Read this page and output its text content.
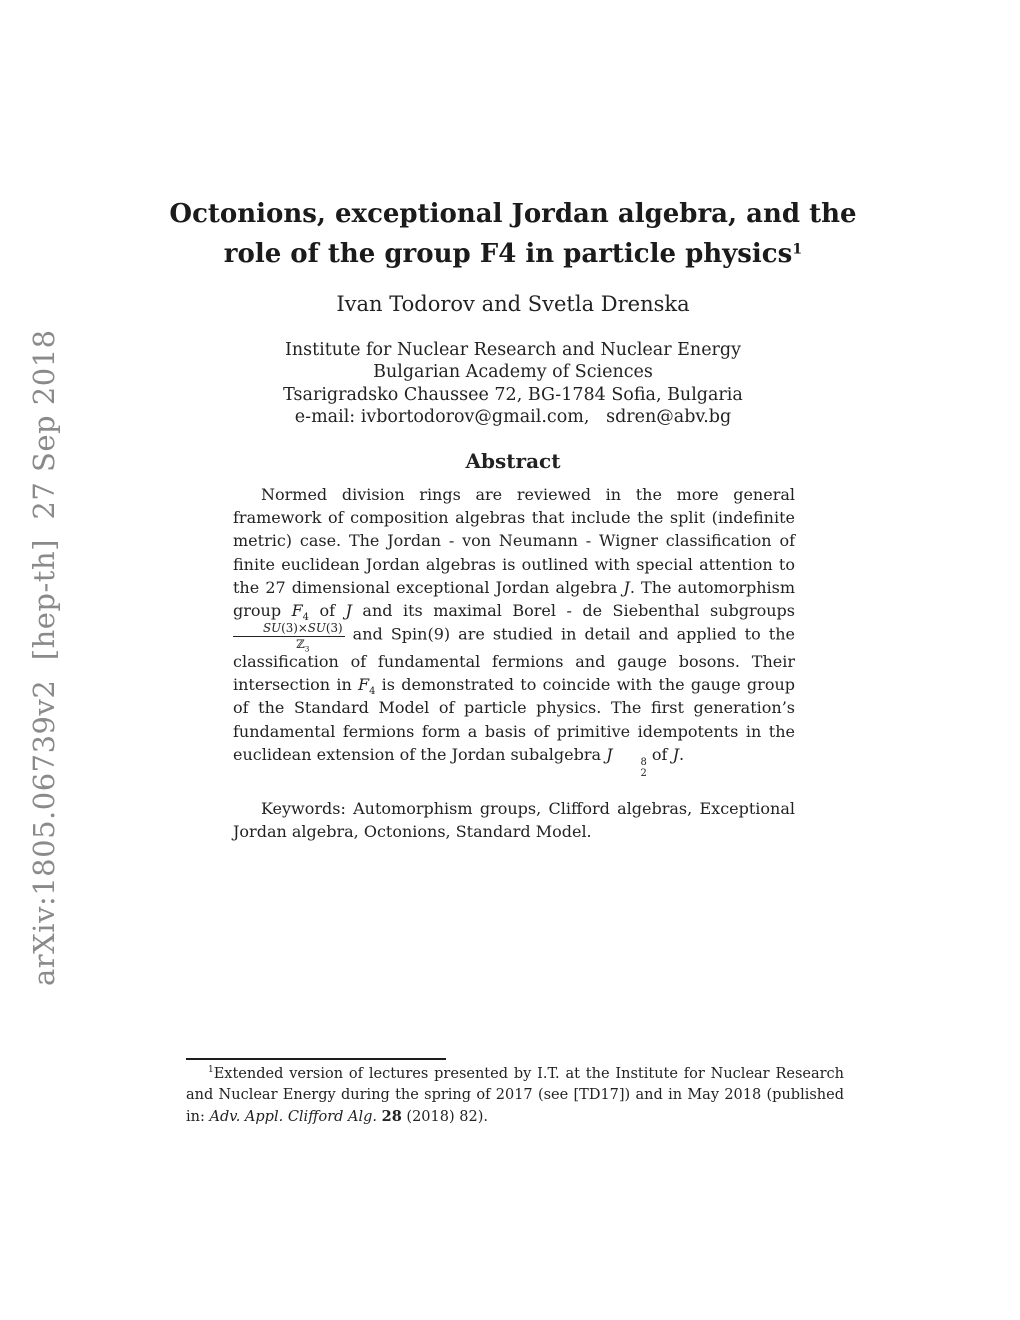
arXiv:1805.06739v2  [hep-th]  27 Sep 2018
Octonions, exceptional Jordan algebra, and the
role of the group F4 in particle physics$^1$
Ivan Todorov and Svetla Drenska
Institute for Nuclear Research and Nuclear Energy
Bulgarian Academy of Sciences
Tsarigradsko Chaussee 72, BG-1784 Sofia, Bulgaria
e-mail: ivbortodorov@gmail.com,   sdren@abv.bg
Abstract
Normed division rings are reviewed in the more general framework of composition algebras that include the split (indefinite metric) case. The Jordan - von Neumann - Wigner classification of finite euclidean Jordan algebras is outlined with special attention to the 27 dimensional exceptional Jordan algebra J. The automorphism group $F_4$ of J and its maximal Borel - de Siebenthal subgroups
$\frac{SU(3)\times SU(3)}{ℤ_3}$ and Spin(9) are studied in detail and applied to the classification of fundamental fermions and gauge bosons. Their intersection in $F_4$ is demonstrated to coincide with the gauge group of the Standard Model of particle physics. The first generation’s fundamental fermions form a basis of primitive idempotents in the euclidean extension of the Jordan subalgebra J	8
2
of J.
Keywords: Automorphism groups, Clifford algebras, Exceptional Jordan algebra, Octonions, Standard Model.
$^1$Extended version of lectures presented by I.T. at the Institute for Nuclear Research and Nuclear Energy during the spring of 2017 (see [TD17]) and in May 2018 (published in: Adv. Appl. Clifford Alg. 28 (2018) 82).
